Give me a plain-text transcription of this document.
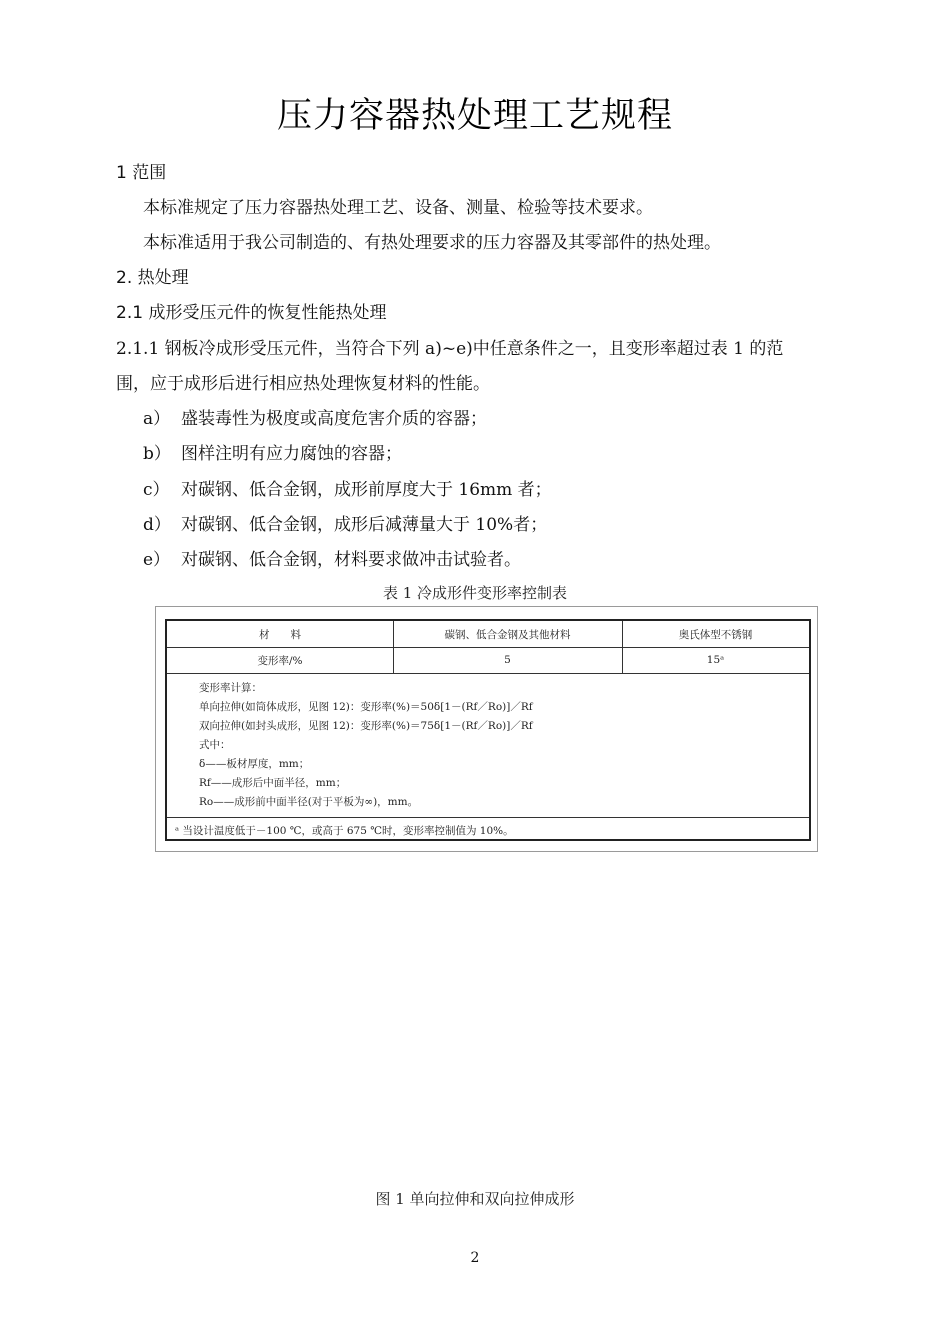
压力容器热处理工艺规程
1 范围
本标准规定了压力容器热处理工艺、设备、测量、检验等技术要求。
本标准适用于我公司制造的、有热处理要求的压力容器及其零部件的热处理。
2. 热处理
2.1 成形受压元件的恢复性能热处理
2.1.1 钢板冷成形受压元件，当符合下列 a)~e)中任意条件之一，且变形率超过表 1 的范
围，应于成形后进行相应热处理恢复材料的性能。
a） 盛装毒性为极度或高度危害介质的容器；
b） 图样注明有应力腐蚀的容器；
c） 对碳钢、低合金钢，成形前厚度大于 16mm 者；
d） 对碳钢、低合金钢，成形后减薄量大于 10%者；
e） 对碳钢、低合金钢，材料要求做冲击试验者。
表 1 冷成形件变形率控制表
材　　料	碳钢、低合金钢及其他材料	奥氏体型不锈钢
变形率/%	5	15ᵃ
变形率计算：
单向拉伸(如筒体成形，见图 12)：变形率(%)＝50δ[1－(Rf／Ro)]／Rf
双向拉伸(如封头成形，见图 12)：变形率(%)＝75δ[1－(Rf／Ro)]／Rf
式中：
δ——板材厚度，mm；
Rf——成形后中面半径，mm；
Ro——成形前中面半径(对于平板为∞)，mm。
ᵃ 当设计温度低于－100 ℃，或高于 675 ℃时，变形率控制值为 10%。
图 1 单向拉伸和双向拉伸成形
2
